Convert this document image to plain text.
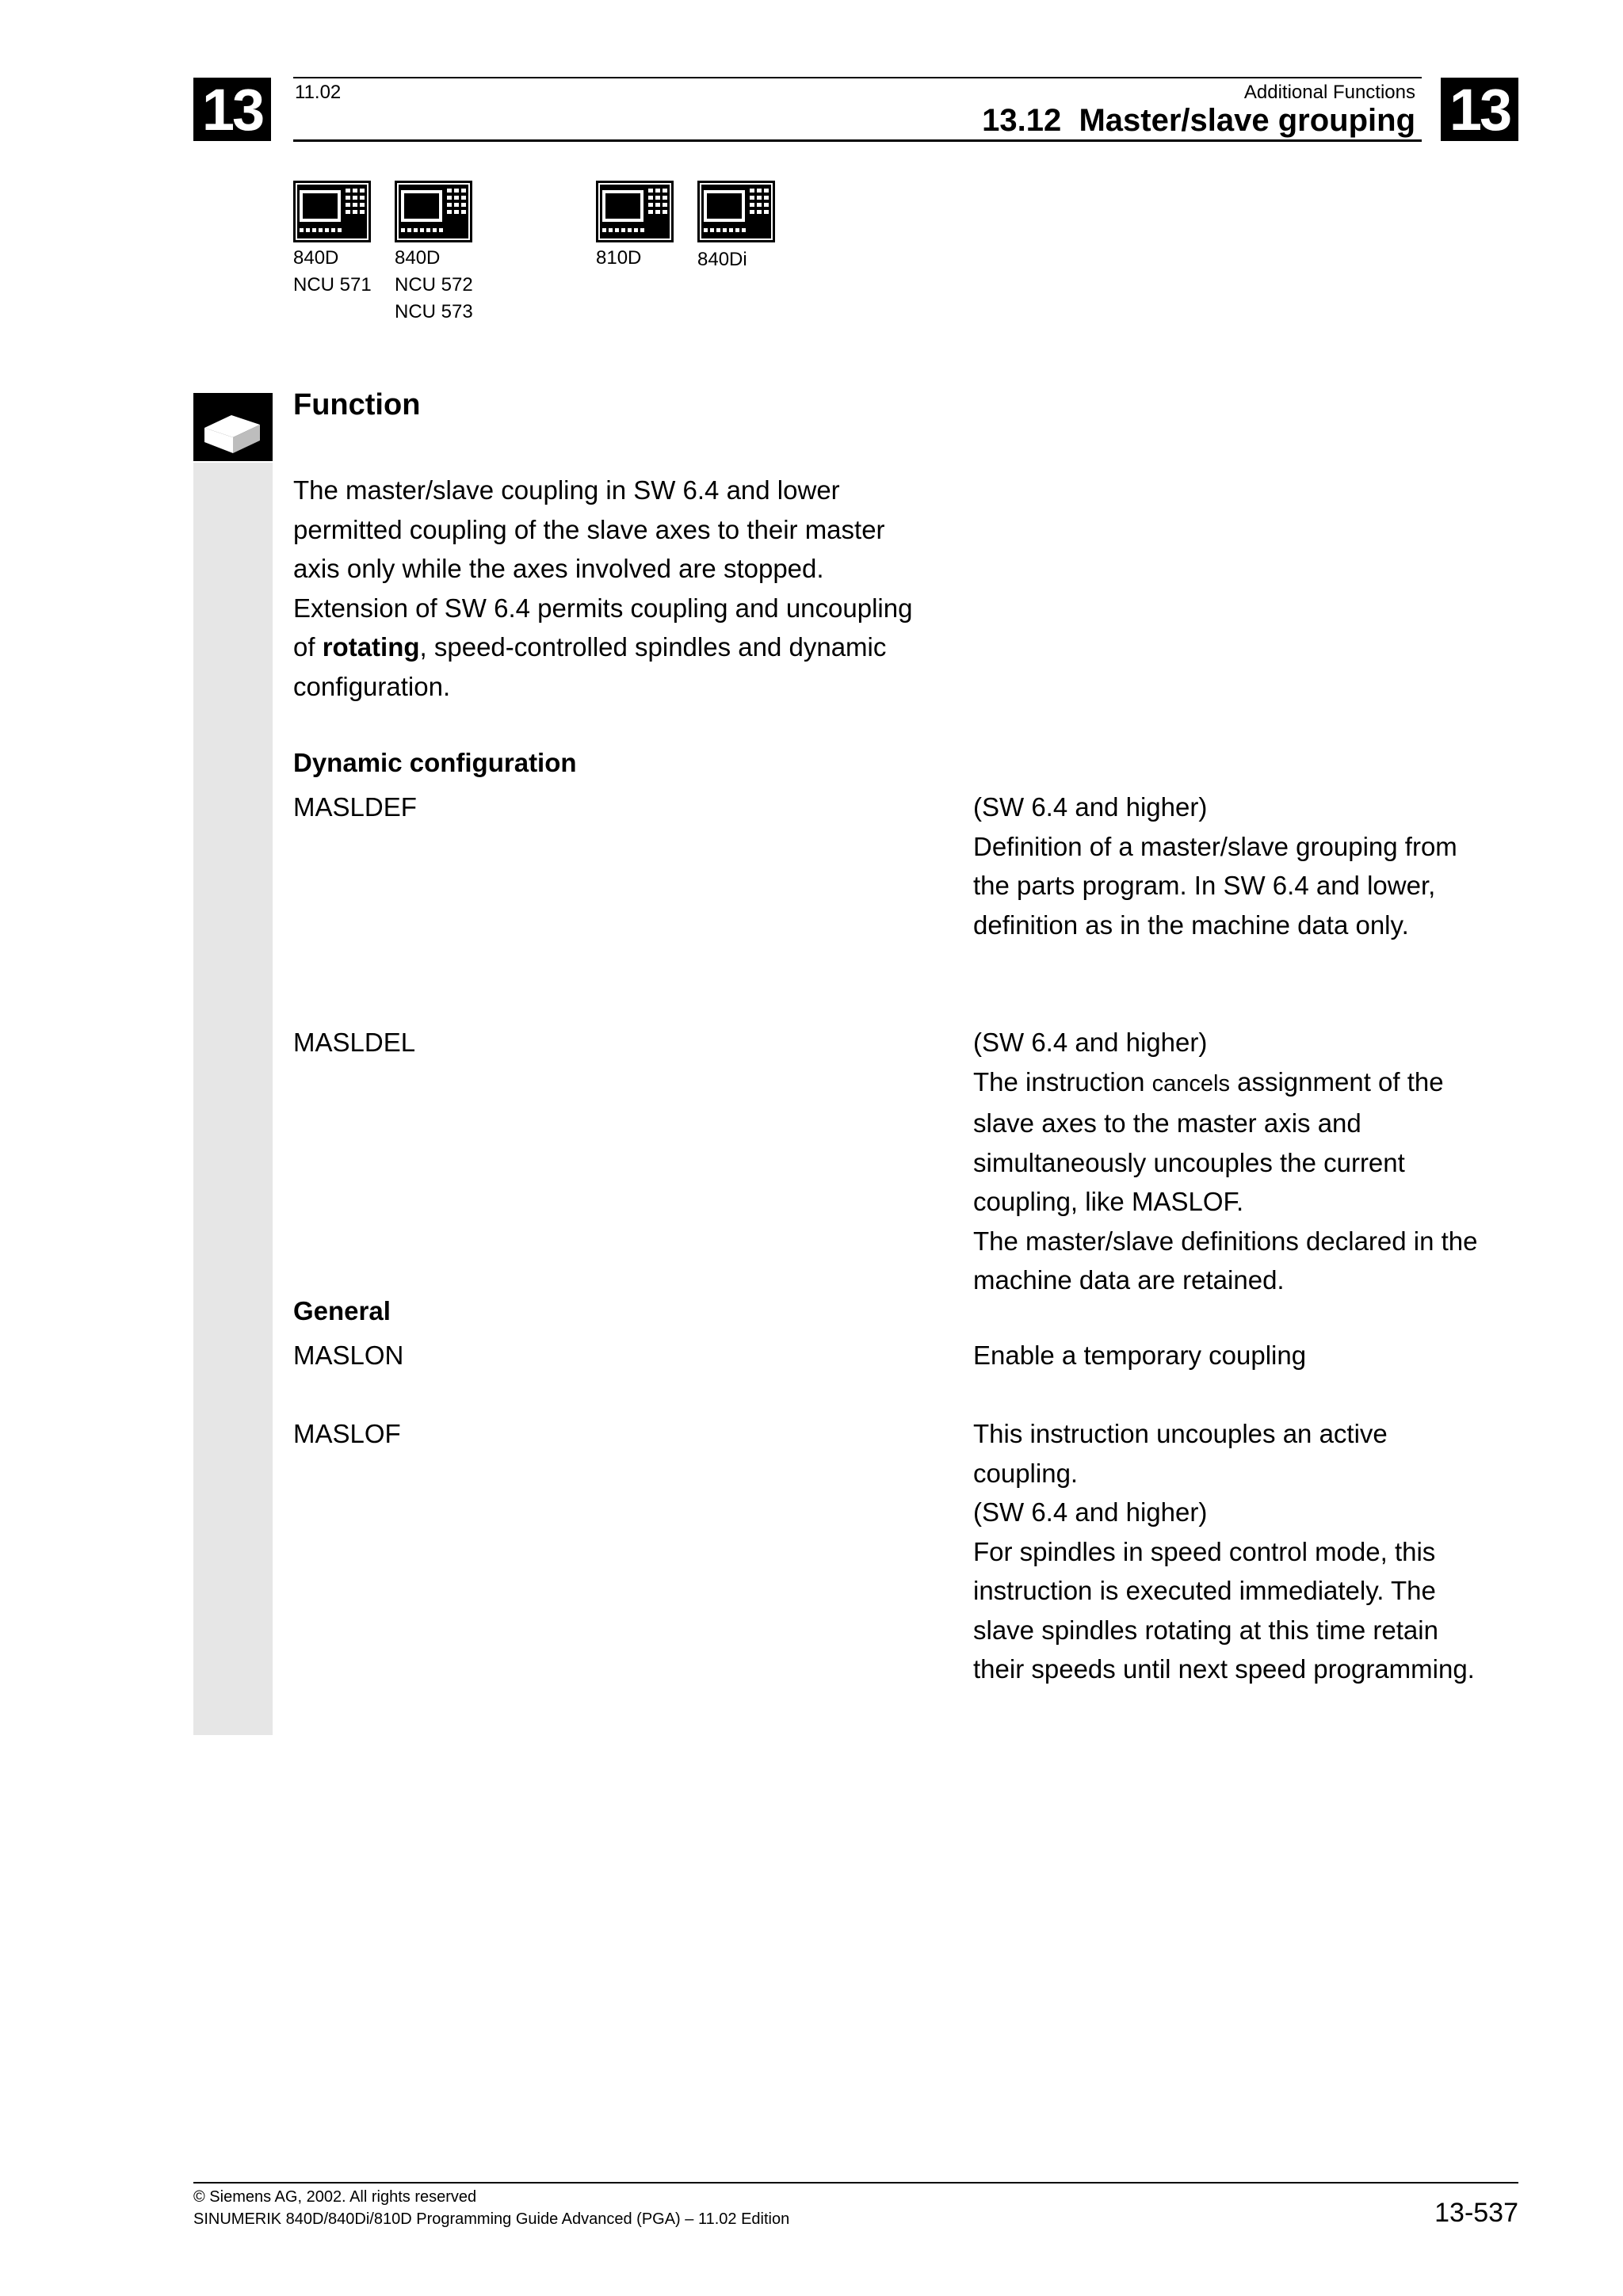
13	13
11.02	Additional Functions
13.12  Master/slave grouping
840D
NCU 571
840D
NCU 572
NCU 573
810D	840Di
Function
The master/slave coupling in SW 6.4 and lower permitted coupling of the slave axes to their master axis only while the axes involved are stopped. Extension of SW 6.4 permits coupling and uncoupling of rotating, speed-controlled spindles and dynamic configuration.
Dynamic configuration
MASLDEF	(SW 6.4 and higher)
Definition of a master/slave grouping from the parts program. In SW 6.4 and lower, definition as in the machine data only.
MASLDEL	(SW 6.4 and higher)
The instruction cancels assignment of the slave axes to the master axis and simultaneously uncouples the current coupling, like MASLOF.
The master/slave definitions declared in the machine data are retained.
General
MASLON	Enable a temporary coupling
MASLOF	This instruction uncouples an active coupling.
(SW 6.4 and higher)
For spindles in speed control mode, this instruction is executed immediately. The slave spindles rotating at this time retain their speeds until next speed programming.
© Siemens AG, 2002. All rights reserved
SINUMERIK 840D/840Di/810D Programming Guide Advanced (PGA) – 11.02 Edition	13-537
